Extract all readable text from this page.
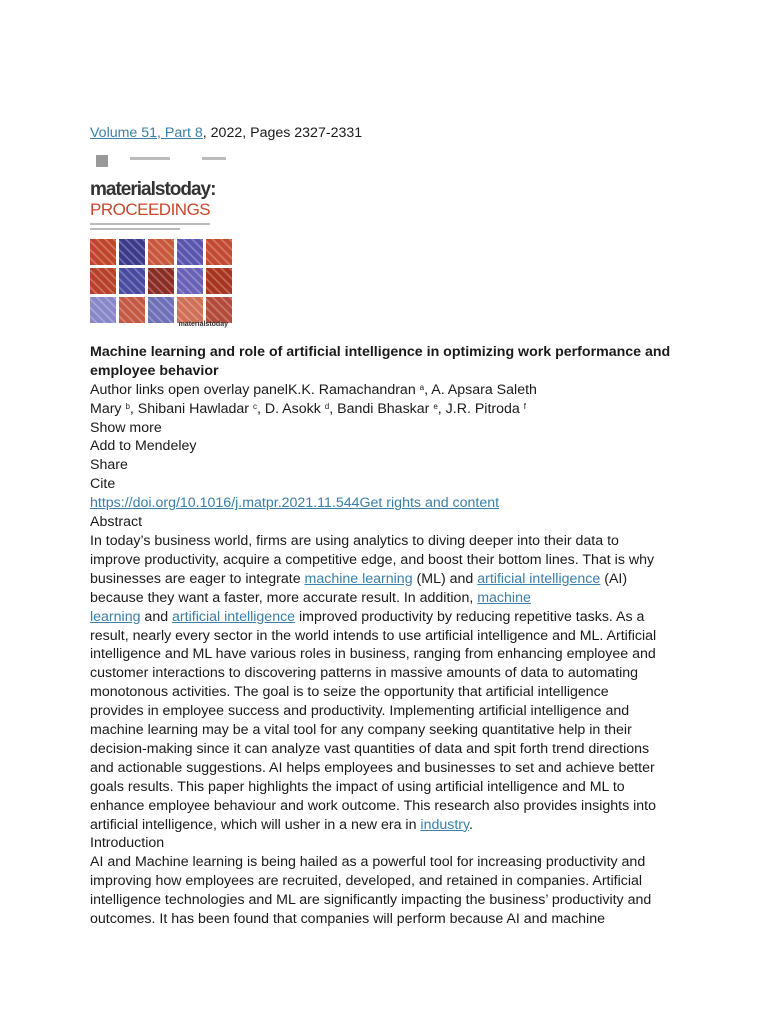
Volume 51, Part 8, 2022, Pages 2327-2331
materialstoday:
PROCEEDINGS
materialstoday
Machine learning and role of artificial intelligence in optimizing work performance and
employee behavior
Author links open overlay panelK.K. Ramachandran $^a$, A. Apsara Saleth
Mary $^b$, Shibani Hawladar $^c$, D. Asokk $^d$, Bandi Bhaskar $^e$, J.R. Pitroda $^f$
Show more
Add to Mendeley
Share
Cite
https://doi.org/10.1016/j.matpr.2021.11.544Get rights and content
Abstract
In today’s business world, firms are using analytics to diving deeper into their data to
improve productivity, acquire a competitive edge, and boost their bottom lines. That is why
businesses are eager to integrate machine learning (ML) and artificial intelligence (AI)
because they want a faster, more accurate result. In addition, machine
learning and artificial intelligence improved productivity by reducing repetitive tasks. As a
result, nearly every sector in the world intends to use artificial intelligence and ML. Artificial
intelligence and ML have various roles in business, ranging from enhancing employee and
customer interactions to discovering patterns in massive amounts of data to automating
monotonous activities. The goal is to seize the opportunity that artificial intelligence
provides in employee success and productivity. Implementing artificial intelligence and
machine learning may be a vital tool for any company seeking quantitative help in their
decision-making since it can analyze vast quantities of data and spit forth trend directions
and actionable suggestions. AI helps employees and businesses to set and achieve better
goals results. This paper highlights the impact of using artificial intelligence and ML to
enhance employee behaviour and work outcome. This research also provides insights into
artificial intelligence, which will usher in a new era in industry.
Introduction
AI and Machine learning is being hailed as a powerful tool for increasing productivity and
improving how employees are recruited, developed, and retained in companies. Artificial
intelligence technologies and ML are significantly impacting the business’ productivity and
outcomes. It has been found that companies will perform because AI and machine
